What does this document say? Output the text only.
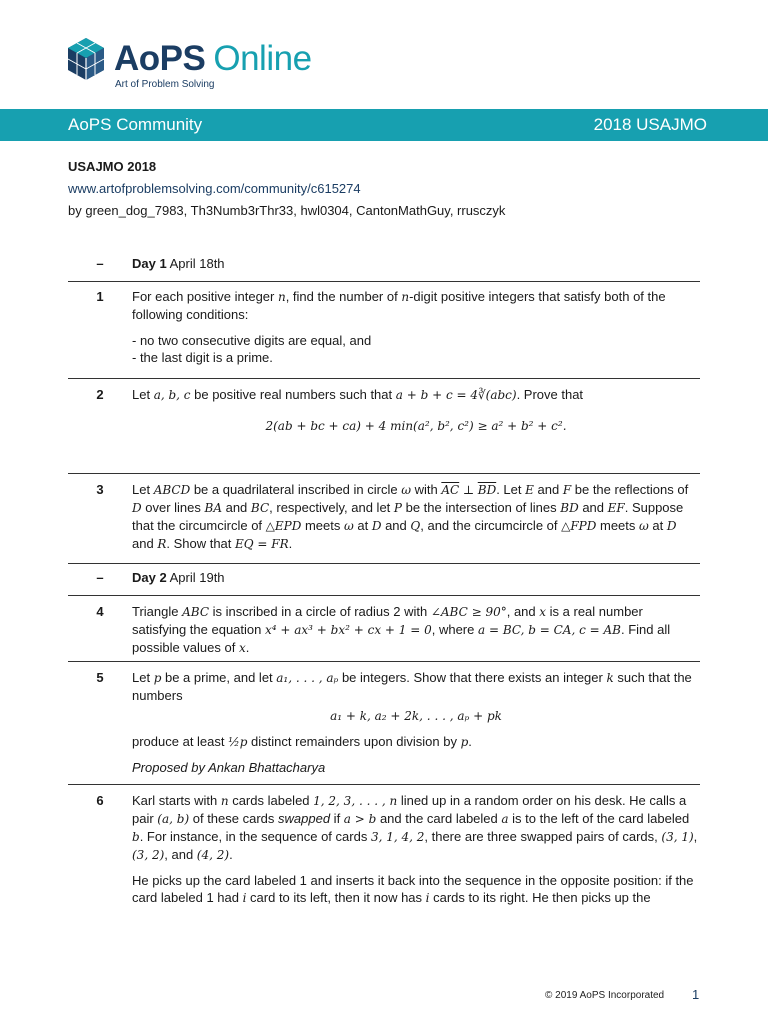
AoPS Online
Art of Problem Solving
AoPS Community	2018 USAJMO
USAJMO 2018
www.artofproblemsolving.com/community/c615274
by green_dog_7983, Th3Numb3rThr33, hwl0304, CantonMathGuy, rrusczyk
–	Day 1 April 18th
1	For each positive integer n, find the number of n-digit positive integers that satisfy both of the following conditions:

- no two consecutive digits are equal, and

- the last digit is a prime.

2	Let a, b, c be positive real numbers such that a + b + c = 4∛(abc). Prove that

2(ab + bc + ca) + 4 min(a², b², c²) ≥ a² + b² + c².
3	Let ABCD be a quadrilateral inscribed in circle ω with $\overline{AC}$ ⊥ $\overline{BD}$. Let E and F be the reflections of D over lines BA and BC, respectively, and let P be the intersection of lines BD and EF. Suppose that the circumcircle of △EPD meets ω at D and Q, and the circumcircle of △FPD meets ω at D and R. Show that EQ = FR.

–	Day 2 April 19th
4	Triangle ABC is inscribed in a circle of radius 2 with ∠ABC ≥ 90°, and x is a real number satisfying the equation x⁴ + ax³ + bx² + cx + 1 = 0, where a = BC, b = CA, c = AB. Find all possible values of x.

5	Let p be a prime, and let a₁, . . . , aₚ be integers. Show that there exists an integer k such that the numbers

a₁ + k, a₂ + 2k, . . . , aₚ + pk

produce at least ½p distinct remainders upon division by p.

Proposed by Ankan Bhattacharya

6	Karl starts with n cards labeled 1, 2, 3, . . . , n lined up in a random order on his desk. He calls a pair (a, b) of these cards swapped if a > b and the card labeled a is to the left of the card labeled b. For instance, in the sequence of cards 3, 1, 4, 2, there are three swapped pairs of cards, (3, 1), (3, 2), and (4, 2).

He picks up the card labeled 1 and inserts it back into the sequence in the opposite position: if the card labeled 1 had i card to its left, then it now has i cards to its right. He then picks up the

© 2019 AoPS Incorporated 1
